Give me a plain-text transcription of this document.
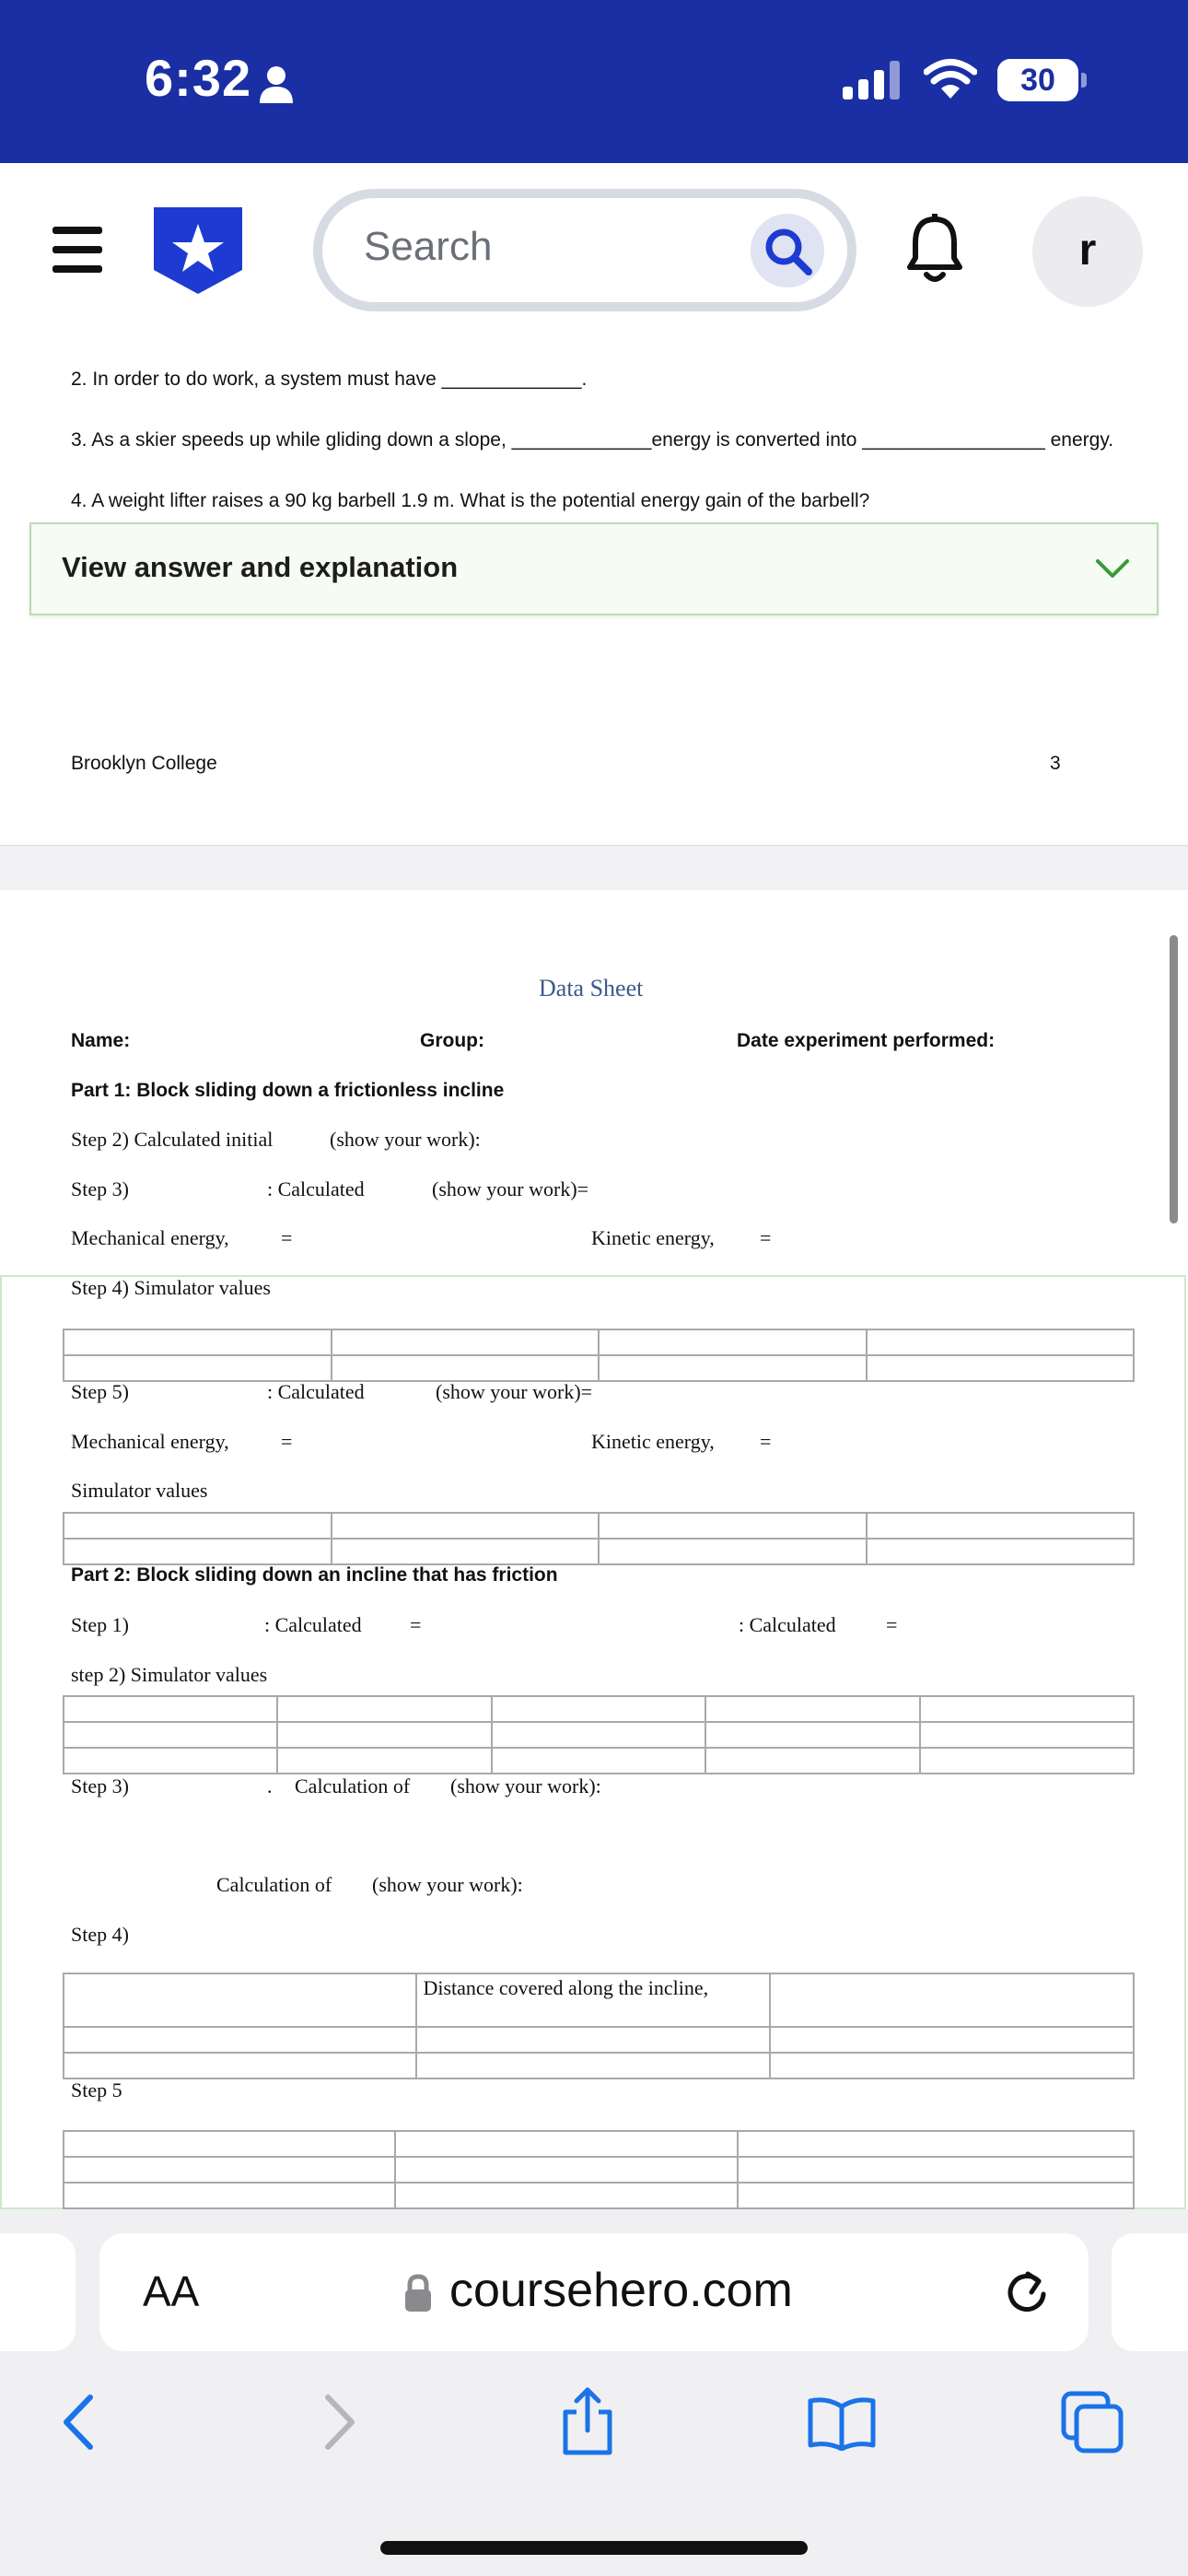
6:32	30
Search	r
2. In order to do work, a system must have _____________.
3. As a skier speeds up while gliding down a slope, _____________energy is converted into _________________ energy.
4. A weight lifter raises a 90 kg barbell 1.9 m. What is the potential energy gain of the barbell?
View answer and explanation
Brooklyn College	3
Data Sheet
Name:	Group:	Date experiment performed:
Part 1: Block sliding down a frictionless incline
Step 2) Calculated initial	(show your work):
Step 3)	: Calculated	(show your work)=
Mechanical energy,	=	Kinetic energy, =
Step 4) Simulator values

Step 5)	: Calculated	(show your work)=
Mechanical energy,	=	Kinetic energy, =
Simulator values

Part 2: Block sliding down an incline that has friction
Step 1)	: Calculated =	: Calculated =
step 2) Simulator values

Step 3)	. Calculation of (show your work):
Calculation of (show your work):
Step 4)
	Distance covered along the incline,	

Step 5

AA	coursehero.com
